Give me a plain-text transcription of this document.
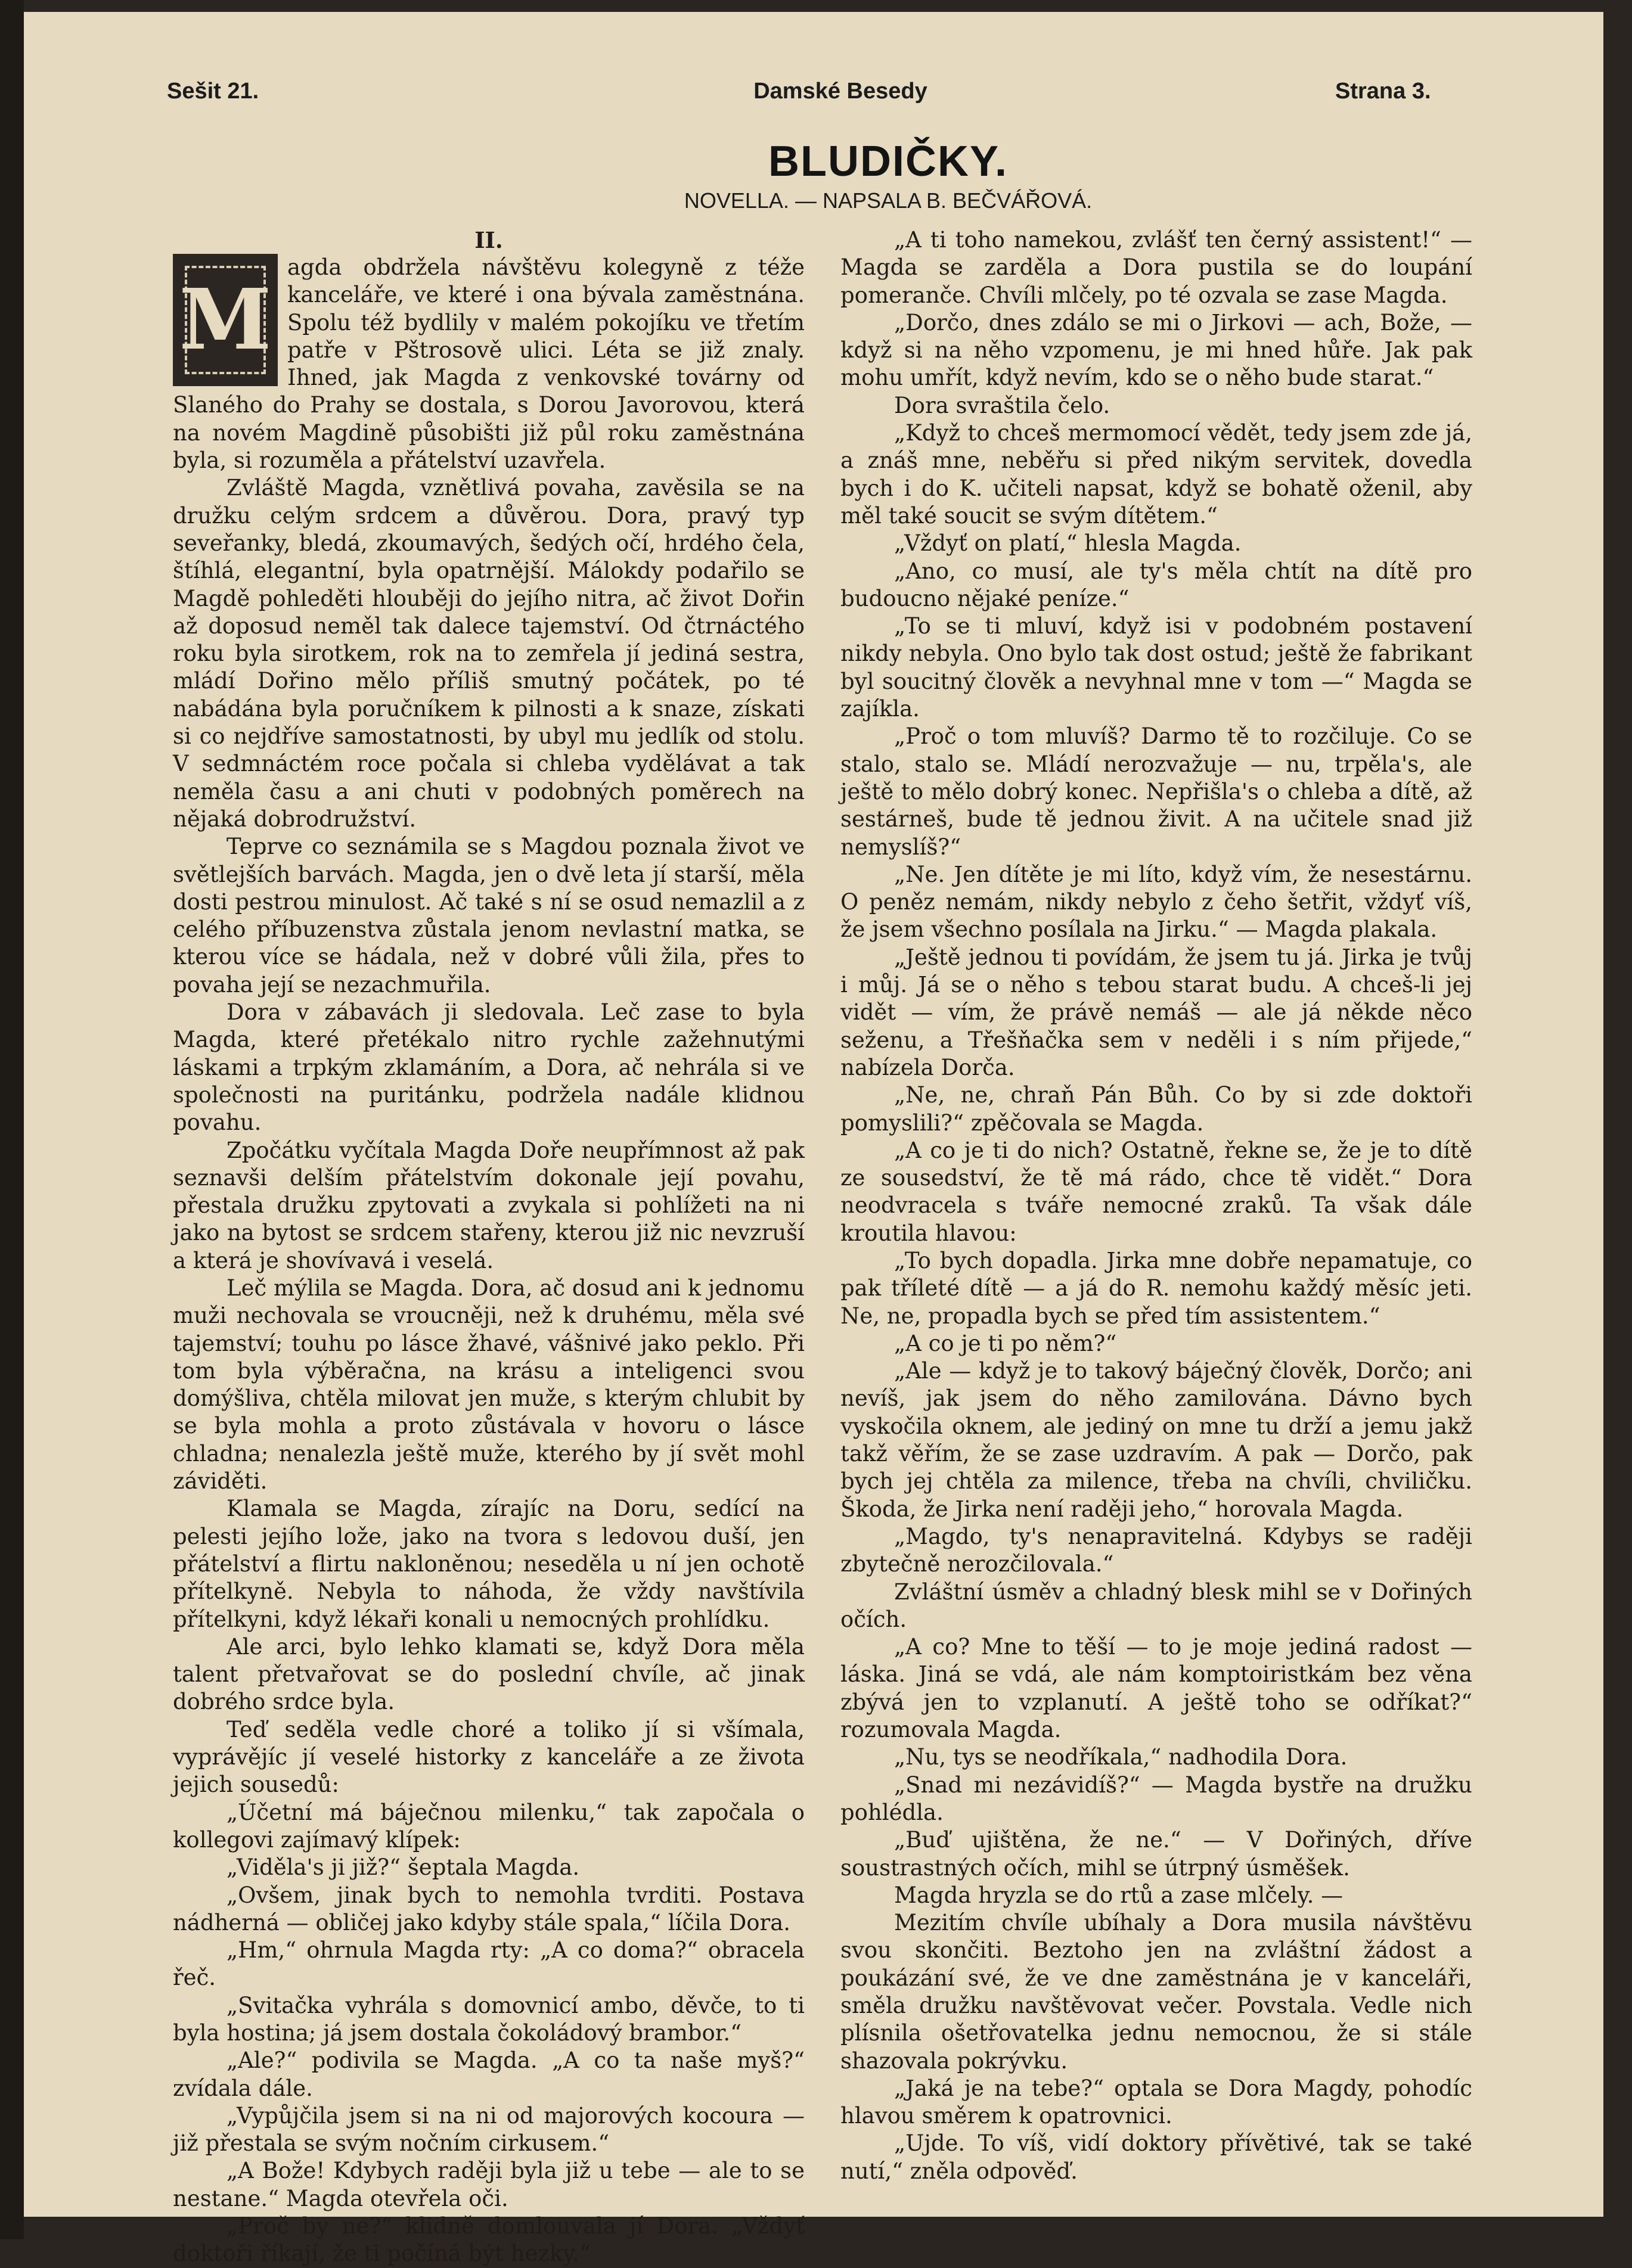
Sešit 21.	Damské Besedy	Strana 3.
BLUDIČKY.
NOVELLA. — NAPSALA B. BEČVÁŘOVÁ.
II.
M

agda obdržela návštěvu kolegyně z téže kanceláře, ve které i ona bývala zaměstnána. Spolu též bydlily v malém pokojíku ve třetím patře v Pštrosově ulici. Léta se již znaly. Ihned, jak Magda z venkovské továrny od Slaného do Prahy se dostala, s Dorou Javorovou, která na novém Magdině působišti již půl roku zaměstnána byla, si rozuměla a přátelství uzavřela.

Zvláště Magda, vznětlivá povaha, zavěsila se na družku celým srdcem a důvěrou. Dora, pravý typ seveřanky, bledá, zkoumavých, šedých očí, hrdého čela, štíhlá, elegantní, byla opatrnější. Málokdy podařilo se Magdě pohleděti hlouběji do jejího nitra, ač život Dořin až doposud neměl tak dalece tajemství. Od čtrnáctého roku byla sirotkem, rok na to zemřela jí jediná sestra, mládí Dořino mělo příliš smutný počátek, po té nabádána byla poručníkem k pilnosti a k snaze, získati si co nejdříve samostatnosti, by ubyl mu jedlík od stolu. V sedmnáctém roce počala si chleba vydělávat a tak neměla času a ani chuti v podobných poměrech na nějaká dobrodružství.

Teprve co seznámila se s Magdou poznala život ve světlejších barvách. Magda, jen o dvě leta jí starší, měla dosti pestrou minulost. Ač také s ní se osud nemazlil a z celého příbuzenstva zůstala jenom nevlastní matka, se kterou více se hádala, než v dobré vůli žila, přes to povaha její se nezachmuřila.

Dora v zábavách ji sledovala. Leč zase to byla Magda, které přetékalo nitro rychle zažehnutými láskami a trpkým zklamáním, a Dora, ač nehrála si ve společnosti na puritánku, podržela nadále klidnou povahu.

Zpočátku vyčítala Magda Doře neupřímnost až pak seznavši delším přátelstvím dokonale její povahu, přestala družku zpytovati a zvykala si pohlížeti na ni jako na bytost se srdcem stařeny, kterou již nic nevzruší a která je shovívavá i veselá.

Leč mýlila se Magda. Dora, ač dosud ani k jednomu muži nechovala se vroucněji, než k druhému, měla své tajemství; touhu po lásce žhavé, vášnivé jako peklo. Při tom byla výběračna, na krásu a inteligenci svou domýšliva, chtěla milovat jen muže, s kterým chlubit by se byla mohla a proto zůstávala v hovoru o lásce chladna; nenalezla ještě muže, kterého by jí svět mohl záviděti.

Klamala se Magda, zírajíc na Doru, sedící na pelesti jejího lože, jako na tvora s ledovou duší, jen přátelství a flirtu nakloněnou; neseděla u ní jen ochotě přítelkyně. Nebyla to náhoda, že vždy navštívila přítelkyni, když lékaři konali u nemocných prohlídku.

Ale arci, bylo lehko klamati se, když Dora měla talent přetvařovat se do poslední chvíle, ač jinak dobrého srdce byla.

Teď seděla vedle choré a toliko jí si všímala, vyprávějíc jí veselé historky z kanceláře a ze života jejich sousedů:

„Účetní má báječnou milenku,“ tak započala o kollegovi zajímavý klípek:

„Viděla's ji již?“ šeptala Magda.

„Ovšem, jinak bych to nemohla tvrditi. Postava nádherná — obličej jako kdyby stále spala,“ líčila Dora.

„Hm,“ ohrnula Magda rty: „A co doma?“ obracela řeč.

„Svitačka vyhrála s domovnicí ambo, děvče, to ti byla hostina; já jsem dostala čokoládový brambor.“

„Ale?“ podivila se Magda. „A co ta naše myš?“ zvídala dále.

„Vypůjčila jsem si na ni od majorových kocoura — již přestala se svým nočním cirkusem.“

„A Bože! Kdybych raději byla již u tebe — ale to se nestane.“ Magda otevřela oči.

„Proč by ne?“ klidně domlouvala jí Dora. „Vždyť doktoři říkají, že ti počíná být hezky.“

„A ti toho namekou, zvlášť ten černý assistent!“ — Magda se zarděla a Dora pustila se do loupání pomeranče. Chvíli mlčely, po té ozvala se zase Magda.

„Dorčo, dnes zdálo se mi o Jirkovi — ach, Bože, — když si na něho vzpomenu, je mi hned hůře. Jak pak mohu umřít, když nevím, kdo se o něho bude starat.“

Dora svraštila čelo.

„Když to chceš mermomocí vědět, tedy jsem zde já, a znáš mne, neběřu si před nikým servitek, dovedla bych i do K. učiteli napsat, když se bohatě oženil, aby měl také soucit se svým dítětem.“

„Vždyť on platí,“ hlesla Magda.

„Ano, co musí, ale ty's měla chtít na dítě pro budoucno nějaké peníze.“

„To se ti mluví, když isi v podobném postavení nikdy nebyla. Ono bylo tak dost ostud; ještě že fabrikant byl soucitný člověk a nevyhnal mne v tom —“ Magda se zajíkla.

„Proč o tom mluvíš? Darmo tě to rozčiluje. Co se stalo, stalo se. Mládí nerozvažuje — nu, trpěla's, ale ještě to mělo dobrý konec. Nepřišla's o chleba a dítě, až sestárneš, bude tě jednou živit. A na učitele snad již nemyslíš?“

„Ne. Jen dítěte je mi líto, když vím, že nesestárnu. O peněz nemám, nikdy nebylo z čeho šetřit, vždyť víš, že jsem všechno posílala na Jirku.“ — Magda plakala.

„Ještě jednou ti povídám, že jsem tu já. Jirka je tvůj i můj. Já se o něho s tebou starat budu. A chceš-li jej vidět — vím, že právě nemáš — ale já někde něco seženu, a Třešňačka sem v neděli i s ním přijede,“ nabízela Dorča.

„Ne, ne, chraň Pán Bůh. Co by si zde doktoři pomyslili?“ zpěčovala se Magda.

„A co je ti do nich? Ostatně, řekne se, že je to dítě ze sousedství, že tě má rádo, chce tě vidět.“ Dora neodvracela s tváře nemocné zraků. Ta však dále kroutila hlavou:

„To bych dopadla. Jirka mne dobře nepamatuje, co pak tříleté dítě — a já do R. nemohu každý měsíc jeti. Ne, ne, propadla bych se před tím assistentem.“

„A co je ti po něm?“

„Ale — když je to takový báječný člověk, Dorčo; ani nevíš, jak jsem do něho zamilována. Dávno bych vyskočila oknem, ale jediný on mne tu drží a jemu jakž takž věřím, že se zase uzdravím. A pak — Dorčo, pak bych jej chtěla za milence, třeba na chvíli, chviličku. Škoda, že Jirka není raději jeho,“ horovala Magda.

„Magdo, ty's nenapravitelná. Kdybys se raději zbytečně nerozčilovala.“

Zvláštní úsměv a chladný blesk mihl se v Dořiných očích.

„A co? Mne to těší — to je moje jediná radost — láska. Jiná se vdá, ale nám komptoiristkám bez věna zbývá jen to vzplanutí. A ještě toho se odříkat?“ rozumovala Magda.

„Nu, tys se neodříkala,“ nadhodila Dora.

„Snad mi nezávidíš?“ — Magda bystře na družku pohlédla.

„Buď ujištěna, že ne.“ — V Dořiných, dříve soustrastných očích, mihl se útrpný úsměšek.

Magda hryzla se do rtů a zase mlčely. —

Mezitím chvíle ubíhaly a Dora musila návštěvu svou skončiti. Beztoho jen na zvláštní žádost a poukázání své, že ve dne zaměstnána je v kanceláři, směla družku navštěvovat večer. Povstala. Vedle nich plísnila ošetřovatelka jednu nemocnou, že si stále shazovala pokrývku.

„Jaká je na tebe?“ optala se Dora Magdy, pohodíc hlavou směrem k opatrovnici.

„Ujde. To víš, vidí doktory přívětivé, tak se také nutí,“ zněla odpověď.
